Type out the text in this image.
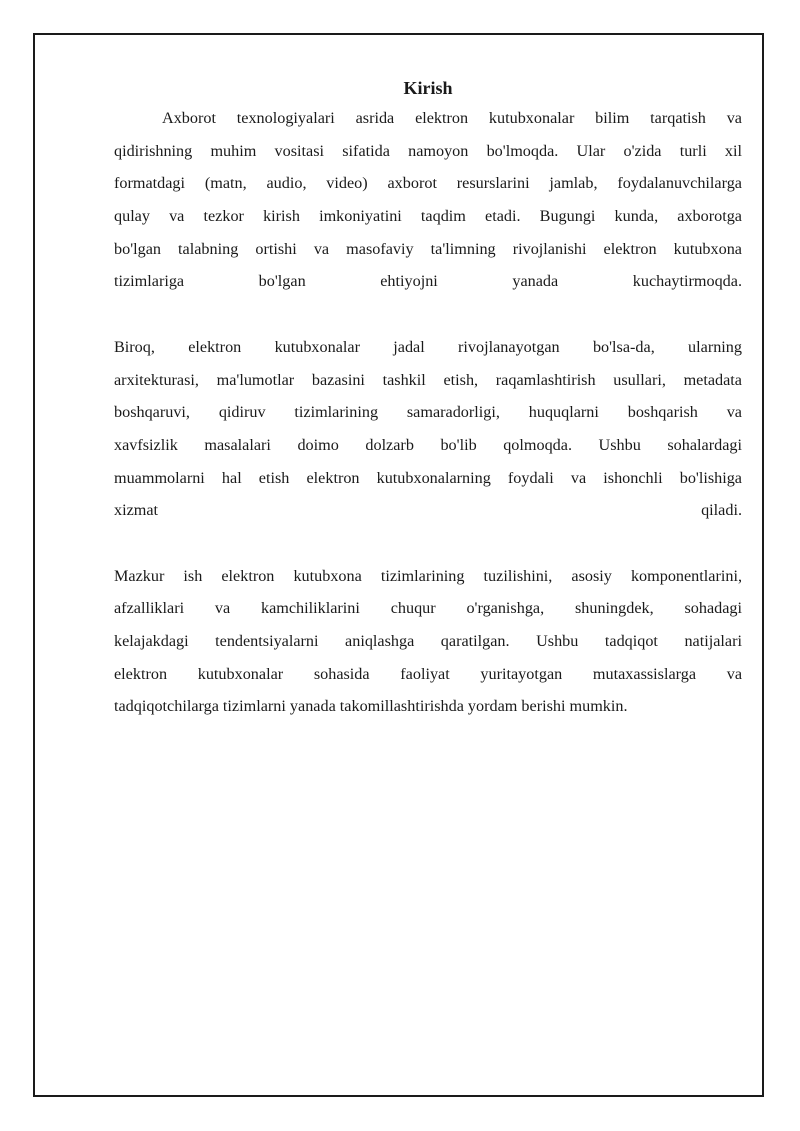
Kirish
Axborot texnologiyalari asrida elektron kutubxonalar bilim tarqatish va
qidirishning muhim vositasi sifatida namoyon bo'lmoqda. Ular o'zida turli xil
formatdagi (matn, audio, video) axborot resurslarini jamlab, foydalanuvchilarga
qulay va tezkor kirish imkoniyatini taqdim etadi. Bugungi kunda, axborotga
bo'lgan talabning ortishi va masofaviy ta'limning rivojlanishi elektron kutubxona
tizimlariga bo'lgan ehtiyojni yanada kuchaytirmoqda.
Biroq, elektron kutubxonalar jadal rivojlanayotgan bo'lsa-da, ularning
arxitekturasi, ma'lumotlar bazasini tashkil etish, raqamlashtirish usullari, metadata
boshqaruvi, qidiruv tizimlarining samaradorligi, huquqlarni boshqarish va
xavfsizlik masalalari doimo dolzarb bo'lib qolmoqda. Ushbu sohalardagi
muammolarni hal etish elektron kutubxonalarning foydali va ishonchli bo'lishiga
xizmat qiladi.
Mazkur ish elektron kutubxona tizimlarining tuzilishini, asosiy komponentlarini,
afzalliklari va kamchiliklarini chuqur o'rganishga, shuningdek, sohadagi
kelajakdagi tendentsiyalarni aniqlashga qaratilgan. Ushbu tadqiqot natijalari
elektron kutubxonalar sohasida faoliyat yuritayotgan mutaxassislarga va
tadqiqotchilarga tizimlarni yanada takomillashtirishda yordam berishi mumkin.
